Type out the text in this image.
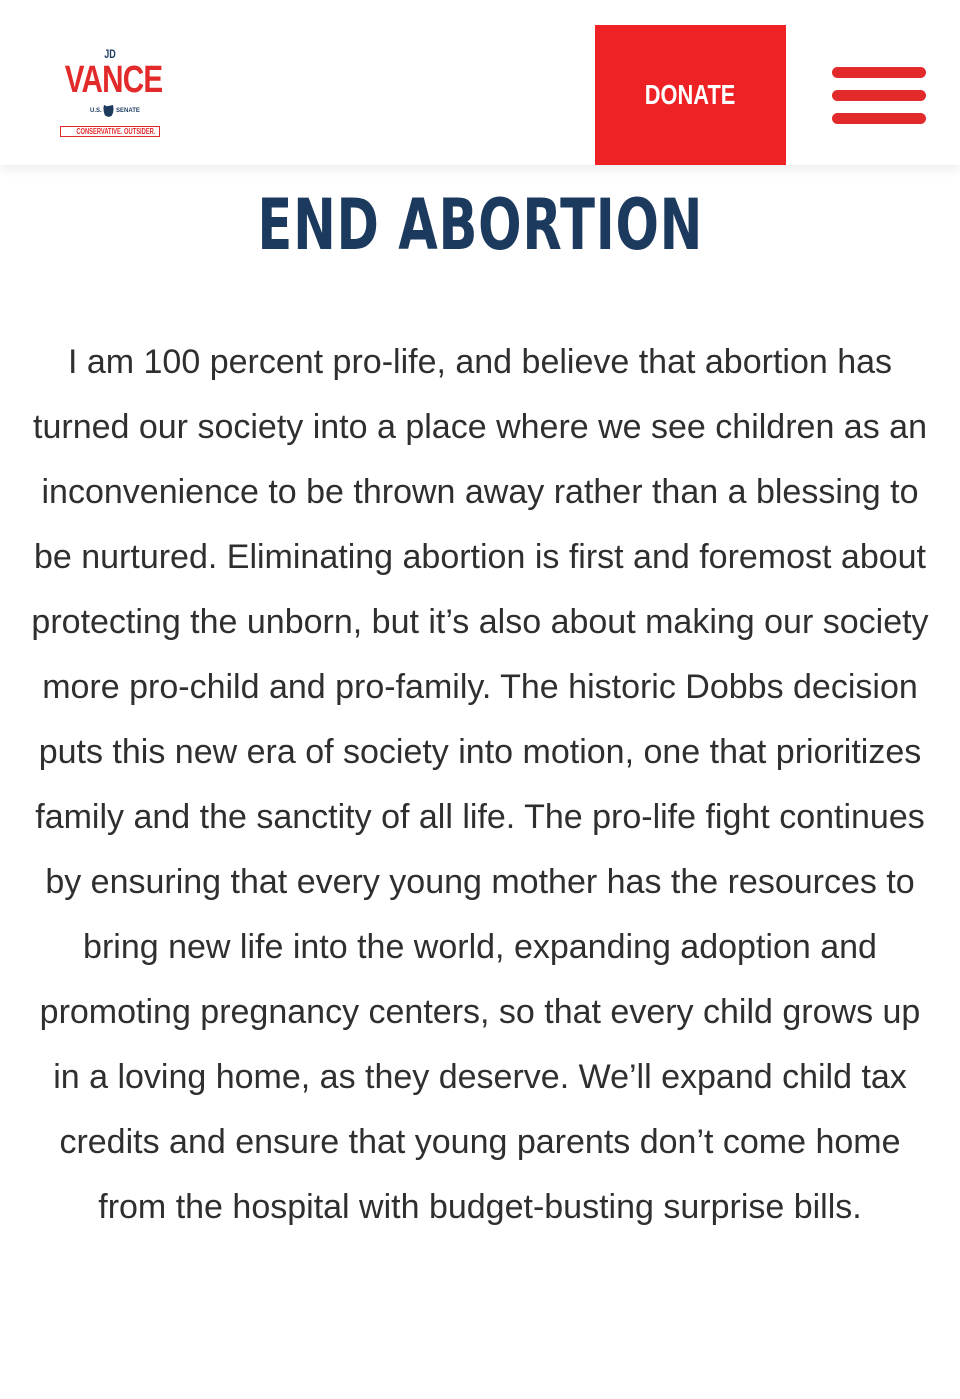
JD
VANCE
U.S. SENATE
CONSERVATIVE. OUTSIDER.
DONATE
END ABORTION

I am 100 percent pro-life, and believe that abortion has turned our society into a place where we see children as an inconvenience to be thrown away rather than a blessing to be nurtured. Eliminating abortion is first and foremost about protecting the unborn, but it’s also about making our society more pro-child and pro-family. The historic Dobbs decision puts this new era of society into motion, one that prioritizes family and the sanctity of all life. The pro-life fight continues by ensuring that every young mother has the resources to bring new life into the world, expanding adoption and promoting pregnancy centers, so that every child grows up in a loving home, as they deserve. We’ll expand child tax credits and ensure that young parents don’t come home from the hospital with budget-busting surprise bills.
